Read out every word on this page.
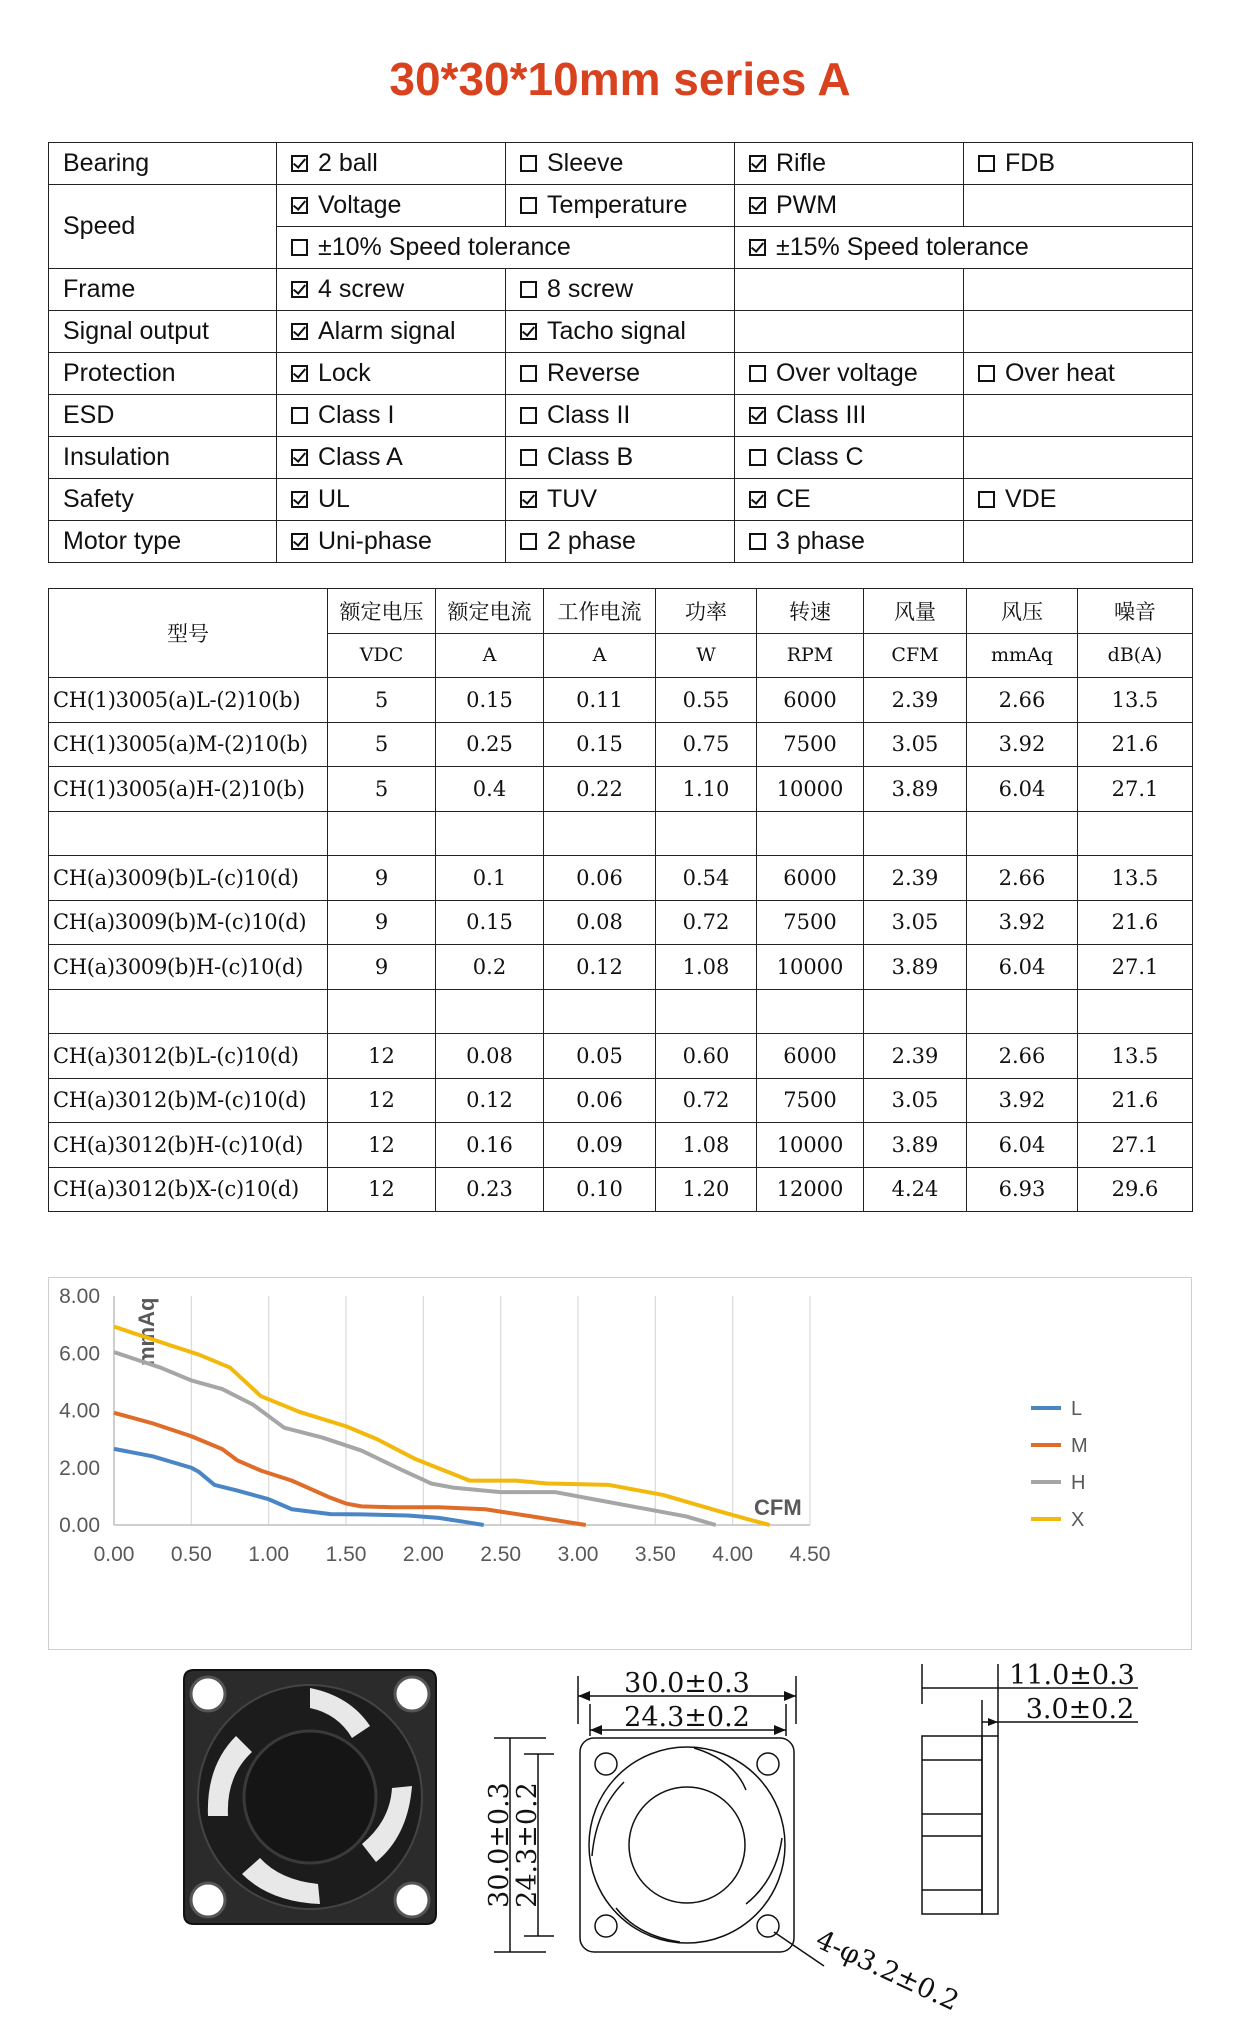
30*30*10mm series A
Bearing	2 ball	Sleeve	Rifle	FDB
Speed	Voltage	Temperature	PWM	
	±10% Speed tolerance		±15% Speed tolerance	
Frame	4 screw	8 screw		
Signal output	Alarm signal	Tacho signal		
Protection	Lock	Reverse	Over voltage	Over heat
ESD	Class I	Class II	Class III	
Insulation	Class A	Class B	Class C	
Safety	UL	TUV	CE	VDE
Motor type	Uni-phase	2 phase	3 phase	
型号	额定电压	额定电流	工作电流	功率	转速	风量	风压	噪音
	VDC	A	A	W	RPM	CFM	mmAq	dB(A)
CH(1)3005(a)L-(2)10(b)	5	0.15	0.11	0.55	6000	2.39	2.66	13.5
CH(1)3005(a)M-(2)10(b)	5	0.25	0.15	0.75	7500	3.05	3.92	21.6
CH(1)3005(a)H-(2)10(b)	5	0.4	0.22	1.10	10000	3.89	6.04	27.1

CH(a)3009(b)L-(c)10(d)	9	0.1	0.06	0.54	6000	2.39	2.66	13.5
CH(a)3009(b)M-(c)10(d)	9	0.15	0.08	0.72	7500	3.05	3.92	21.6
CH(a)3009(b)H-(c)10(d)	9	0.2	0.12	1.08	10000	3.89	6.04	27.1

CH(a)3012(b)L-(c)10(d)	12	0.08	0.05	0.60	6000	2.39	2.66	13.5
CH(a)3012(b)M-(c)10(d)	12	0.12	0.06	0.72	7500	3.05	3.92	21.6
CH(a)3012(b)H-(c)10(d)	12	0.16	0.09	1.08	10000	3.89	6.04	27.1
CH(a)3012(b)X-(c)10(d)	12	0.23	0.10	1.20	12000	4.24	6.93	29.6
0.00 0.50 1.00 1.50 2.00 2.50 3.00 3.50 4.00 4.50
0.00
2.00
4.00
6.00
8.00
mmAq
CFM
L
M
H
X
30.0±0.3
24.3±0.2
30.0±0.3
24.3±0.2
4-φ3.2±0.2
11.0±0.3
3.0±0.2
